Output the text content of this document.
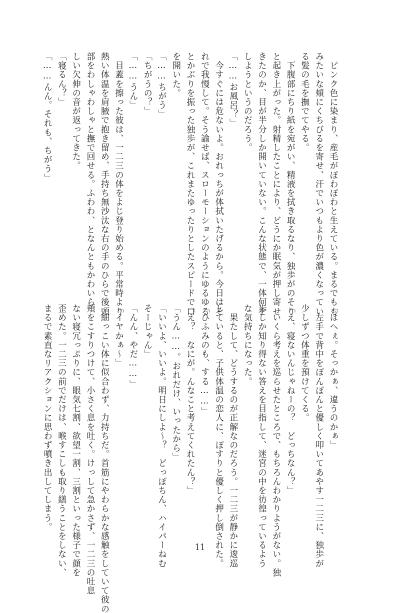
　ピンク色に染まり、産毛がぽわぽわと生えている。まるでもも
みたいな頬にくちびるを寄せ、汗でいつもより色が濃くなってい
る髪の毛を撫でてやる。
　下腹部にちり紙を宛がい、精液を拭き取るなり、独歩がのそり
と起き上がった。射精したことにより、どうにか眠気が押し寄せ
きたのか、目が半分しか開いていない。こんな状態で、一体何を
しようというのだろう。
「……お風呂？」
　今すぐには危ないよ。おれっちが体拭いたげるから。今日はそ
れで我慢して。そう諭せば、スローモーションのようにゆるゆる
とかぶりを振った独歩が、これまたゆったりとしたスピードで口
を開いた。
「……ちがう」
「ちがうの？」
「……うん」
　目蓋を擦った彼は、一二三の体をよじ登り始める。平常時より
熱い体温を肩腋で抱き留め、手持ち無沙汰な右の手のひらで後頭
部をわしゃわしゃと撫で回せる。ふわわ、となんともかわいら
しい欠伸の音が返ってきた。
「寝るん？」
「……んん。それも、ちがう」
「はへぇ。そっかぁ、違うのかぁ」
　左手で背中をぽんぽんと優しく叩いてあやす一二三に、独歩が
少しずつ体重を預けてくる。
「え、寝ないんじゃねーの？　どっちなん？」
　いくら考えを巡らせたところで、もちろんわかりようがない。独
歩しか知り得ない答えを目指して、迷宮の中を彷徨っているよう
な気持ちになった。
　果たして、どうするのが正解なのだろう。一二三が静かに逡巡
していると、子供体温の恋人に、ぽすりと優しく押し倒された。
「ひふみのも、する……」
「え？　なにが。んなこと考えてくれたん？」
「うん……。おれだけ、いったから」
「いいよ、いいよ。明日にしよ～？　どっぽちん、ハイパーねむ
そーじゃん」
「んん、やだ……」
「イヤかぁ～」
　細っこい体に似合わず、力持ちだ。首筋にやわらかな感触をしていて彼の
頬をこすりつけて、小さく息を吐く。けっして急かさず、一二三の吐息
ない寝冗っぷりに、眼気七割、欲望一割、三割といった様子で顔を
歪めた。一二三の前でだけは、喉すこしも取り繕うことをしない、
まるで素直なリアクションに思わず噴き出してしまう。
11
